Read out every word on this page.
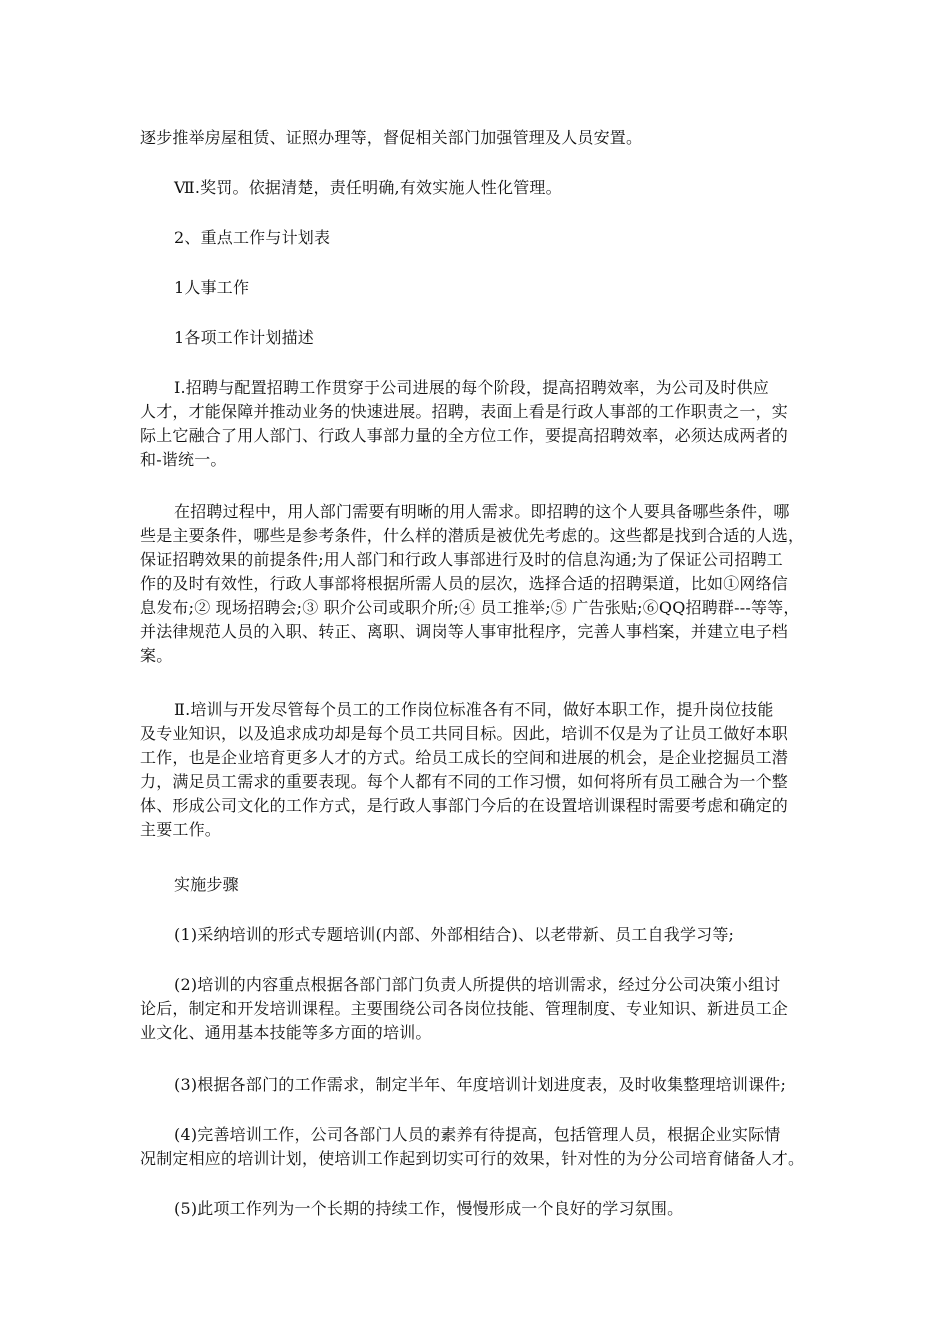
逐步推举房屋租赁、证照办理等，督促相关部门加强管理及人员安置。

Ⅶ.奖罚。依据清楚，责任明确,有效实施人性化管理。

2、重点工作与计划表

1人事工作

1各项工作计划描述

Ⅰ.招聘与配置招聘工作贯穿于公司进展的每个阶段，提高招聘效率，为公司及时供应

人才，才能保障并推动业务的快速进展。招聘，表面上看是行政人事部的工作职责之一，实

际上它融合了用人部门、行政人事部力量的全方位工作，要提高招聘效率，必须达成两者的

和-谐统一。

在招聘过程中，用人部门需要有明晰的用人需求。即招聘的这个人要具备哪些条件，哪

些是主要条件，哪些是参考条件，什么样的潜质是被优先考虑的。这些都是找到合适的人选，

保证招聘效果的前提条件;用人部门和行政人事部进行及时的信息沟通;为了保证公司招聘工

作的及时有效性，行政人事部将根据所需人员的层次，选择合适的招聘渠道，比如①网络信

息发布;② 现场招聘会;③ 职介公司或职介所;④ 员工推举;⑤ 广告张贴;⑥QQ招聘群---等等，

并法律规范人员的入职、转正、离职、调岗等人事审批程序，完善人事档案，并建立电子档

案。

Ⅱ.培训与开发尽管每个员工的工作岗位标准各有不同，做好本职工作，提升岗位技能

及专业知识，以及追求成功却是每个员工共同目标。因此，培训不仅是为了让员工做好本职

工作，也是企业培育更多人才的方式。给员工成长的空间和进展的机会，是企业挖掘员工潜

力，满足员工需求的重要表现。每个人都有不同的工作习惯，如何将所有员工融合为一个整

体、形成公司文化的工作方式，是行政人事部门今后的在设置培训课程时需要考虑和确定的

主要工作。

实施步骤

(1)采纳培训的形式专题培训(内部、外部相结合)、以老带新、员工自我学习等;

(2)培训的内容重点根据各部门部门负责人所提供的培训需求，经过分公司决策小组讨

论后，制定和开发培训课程。主要围绕公司各岗位技能、管理制度、专业知识、新进员工企

业文化、通用基本技能等多方面的培训。

(3)根据各部门的工作需求，制定半年、年度培训计划进度表，及时收集整理培训课件;

(4)完善培训工作，公司各部门人员的素养有待提高，包括管理人员，根据企业实际情

况制定相应的培训计划，使培训工作起到切实可行的效果，针对性的为分公司培育储备人才。

(5)此项工作列为一个长期的持续工作，慢慢形成一个良好的学习氛围。
